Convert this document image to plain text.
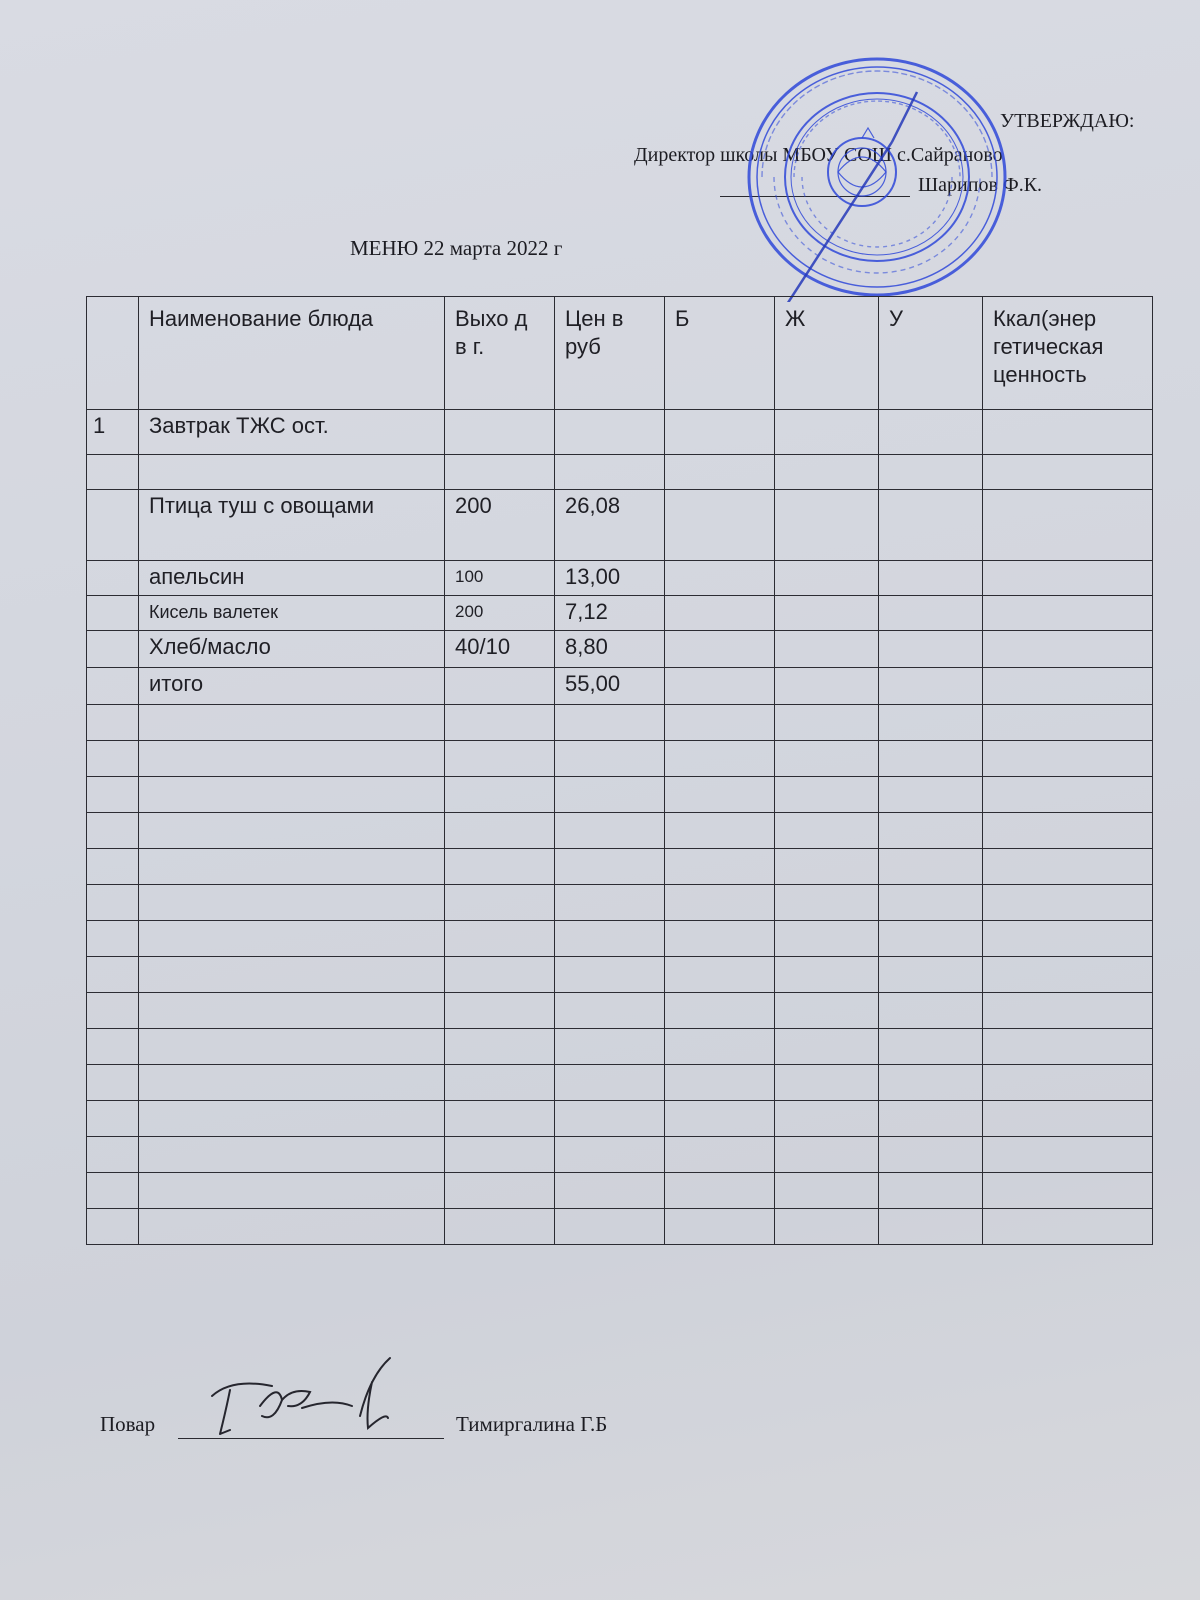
УТВЕРЖДАЮ:
Директор школы МБОУ СОШ с.Сайраново
Шарипов Ф.К.
МЕНЮ 22 марта 2022 г
	Наименование блюда	Выхо д в г.	Цен в руб	Б	Ж	У	Ккал(энер гетическая ценность
1	Завтрак ТЖС ост.						

	Птица туш с овощами	200	26,08				
	апельсин	100	13,00				
	Кисель валетек	200	7,12				
	Хлеб/масло	40/10	8,80				
	итого		55,00				

Повар	Тимиргалина Г.Б
